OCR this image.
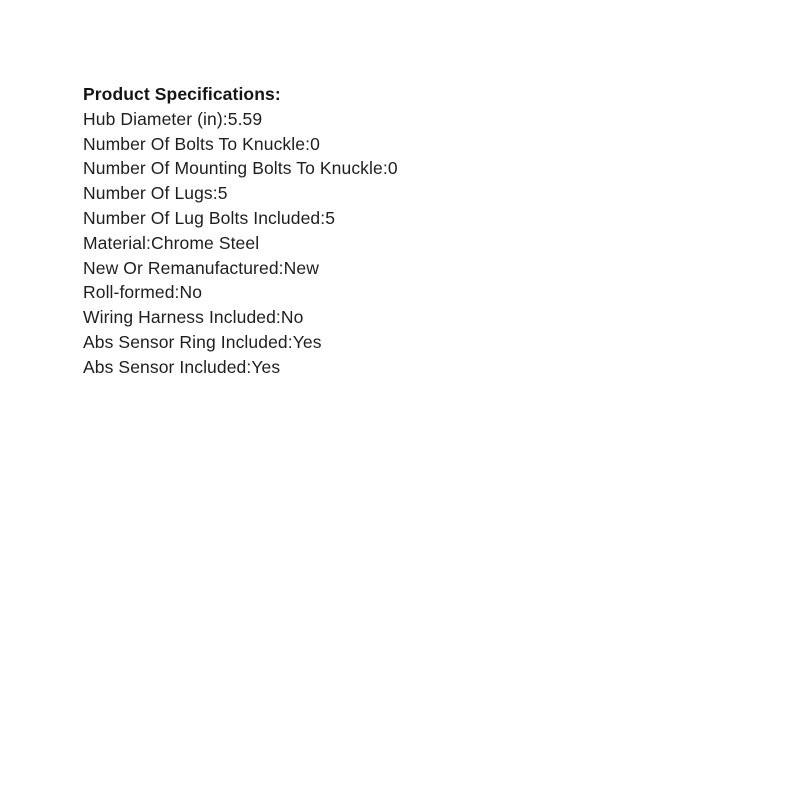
Product Specifications:
Hub Diameter (in):5.59
Number Of Bolts To Knuckle:0
Number Of Mounting Bolts To Knuckle:0
Number Of Lugs:5
Number Of Lug Bolts Included:5
Material:Chrome Steel
New Or Remanufactured:New
Roll-formed:No
Wiring Harness Included:No
Abs Sensor Ring Included:Yes
Abs Sensor Included:Yes
